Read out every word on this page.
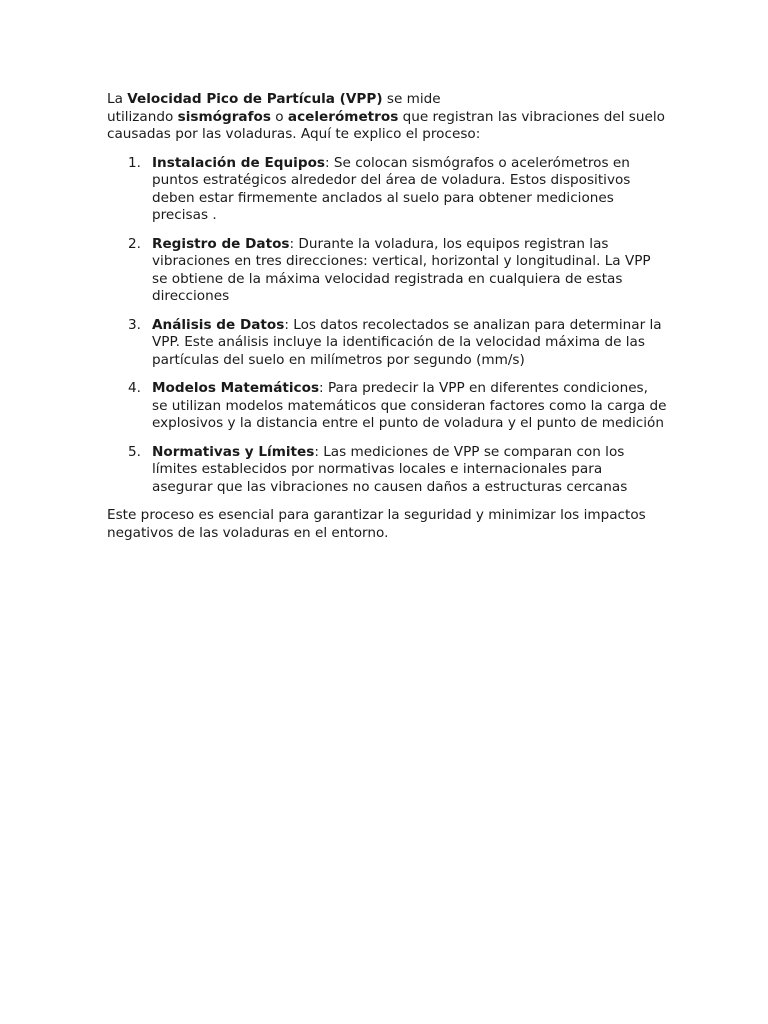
La Velocidad Pico de Partícula (VPP) se mide

utilizando sismógrafos o acelerómetros que registran las vibraciones del suelo causadas por las voladuras. Aquí te explico el proceso:

1. Instalación de Equipos: Se colocan sismógrafos o acelerómetros en puntos estratégicos alrededor del área de voladura. Estos dispositivos deben estar firmemente anclados al suelo para obtener mediciones precisas .
2. Registro de Datos: Durante la voladura, los equipos registran las vibraciones en tres direcciones: vertical, horizontal y longitudinal. La VPP se obtiene de la máxima velocidad registrada en cualquiera de estas direcciones
3. Análisis de Datos: Los datos recolectados se analizan para determinar la VPP. Este análisis incluye la identificación de la velocidad máxima de las partículas del suelo en milímetros por segundo (mm/s)
4. Modelos Matemáticos: Para predecir la VPP en diferentes condiciones, se utilizan modelos matemáticos que consideran factores como la carga de explosivos y la distancia entre el punto de voladura y el punto de medición
5. Normativas y Límites: Las mediciones de VPP se comparan con los límites establecidos por normativas locales e internacionales para asegurar que las vibraciones no causen daños a estructuras cercanas

Este proceso es esencial para garantizar la seguridad y minimizar los impactos negativos de las voladuras en el entorno.
